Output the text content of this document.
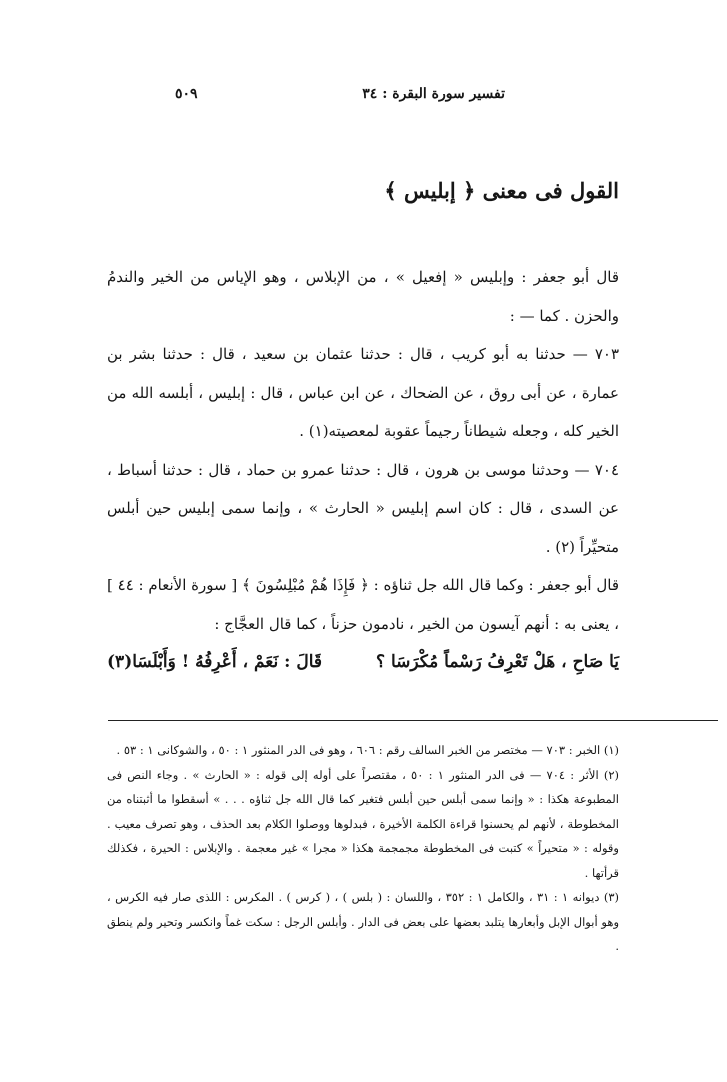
تفسير سورة البقرة : ٣٤
٥٠٩
القول فى معنى ﴿ إبليس ﴾

قال أبو جعفر : وإبليس « إفعيل » ، من الإبلاس ، وهو الإياس من الخير والندمُ والحزن . كما — :

٧٠٣ — حدثنا به أبو كريب ، قال : حدثنا عثمان بن سعيد ، قال : حدثنا بشر بن عمارة ، عن أبى روق ، عن الضحاك ، عن ابن عباس ، قال : إبليس ، أبلسه الله من الخير كله ، وجعله شيطاناً رجيماً عقوبة لمعصيته(١) .

٧٠٤ — وحدثنا موسى بن هرون ، قال : حدثنا عمرو بن حماد ، قال : حدثنا أسباط ، عن السدى ، قال : كان اسم إبليس « الحارث » ، وإنما سمى إبليس حين أبلس متحيِّراً (٢) .

قال أبو جعفر : وكما قال الله جل ثناؤه : ﴿ فَإِذَا هُمْ مُبْلِسُونَ ﴾ [ سورة الأنعام : ٤٤ ] ، يعنى به : أنهم آيسون من الخير ، نادمون حزناً ، كما قال العجَّاج :

يَا صَاحِ ، هَلْ تَعْرِفُ رَسْماً مُكْرَسَا ؟
قَالَ : نَعَمْ ، أَعْرِفُهُ ! وَأَبْلَسَا(٣)

(١) الخبر : ٧٠٣ — مختصر من الخبر السالف رقم : ٦٠٦ ، وهو فى الدر المنثور ١ : ٥٠ ، والشوكانى ١ : ٥٣ .

(٢) الأثر : ٧٠٤ — فى الدر المنثور ١ : ٥٠ ، مقتصراً على أوله إلى قوله : « الحارث » . وجاء النص فى المطبوعة هكذا : « وإنما سمى أبلس حين أبلس فتغير كما قال الله جل ثناؤه . . . » أسقطوا ما أثبتناه من المخطوطة ، لأنهم لم يحسنوا قراءة الكلمة الأخيرة ، فبدلوها ووصلوا الكلام بعد الحذف ، وهو تصرف معيب . وقوله : « متحيراً » كتبت فى المخطوطة مجمجمة هكذا « مجرا » غير معجمة . والإبلاس : الحيرة ، فكذلك قرأتها .

(٣) ديوانه ١ : ٣١ ، والكامل ١ : ٣٥٢ ، واللسان : ( بلس ) ، ( كرس ) . المكرس : اللذى صار فيه الكرس ، وهو أبوال الإبل وأبعارها يتلبد بعضها على بعض فى الدار . وأبلس الرجل : سكت غماً وانكسر وتحير ولم ينطق .
